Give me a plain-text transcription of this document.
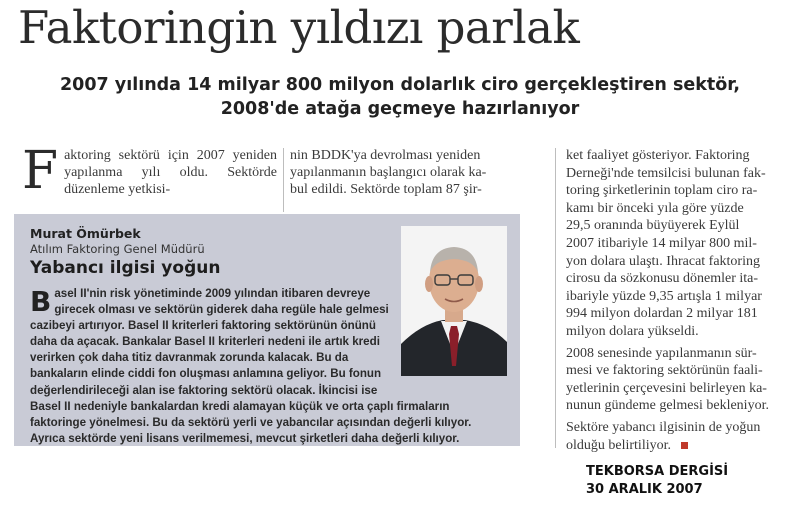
Faktoringin yıldızı parlak
2007 yılında 14 milyar 800 milyon dolarlık ciro gerçekleştiren sektör,
2008'de atağa geçmeye hazırlanıyor
F aktoring sektörü için 2007 yeniden yapılanma yılı oldu. Sektörde düzenleme yetkisi-

nin BDDK'ya devrolması yeniden
yapılanmanın başlangıcı olarak ka-
bul edildi. Sektörde toplam 87 şir-
ket faaliyet gösteriyor. Faktoring
Derneği'nde temsilcisi bulunan fak-
toring şirketlerinin toplam ciro ra-
kamı bir önceki yıla göre yüzde
29,5 oranında büyüyerek Eylül
2007 itibariyle 14 milyar 800 mil-
yon dolara ulaştı. Ihracat faktoring
cirosu da sözkonusu dönemler ita-
ibariyle yüzde 9,35 artışla 1 milyar
994 milyon dolardan 2 milyar 181
milyon dolara yükseldi.
2008 senesinde yapılanmanın sür-
mesi ve faktoring sektörünün faali-
yetlerinin çerçevesini belirleyen ka-
nunun gündeme gelmesi bekleniyor.
Sektöre yabancı ilgisinin de yoğun
olduğu belirtiliyor.
Murat Ömürbek
Atılım Faktoring Genel Müdürü
Yabancı ilgisi yoğun
B asel II'nin risk yönetiminde 2009 yılından itibaren devreye
girecek olması ve sektörün giderek daha regüle hale gelmesi
cazibeyi artırıyor. Basel II kriterleri faktoring sektörünün önünü
daha da açacak. Bankalar Basel II kriterleri nedeni ile artık kredi
verirken çok daha titiz davranmak zorunda kalacak. Bu da
bankaların elinde ciddi fon oluşması anlamına geliyor. Bu fonun
değerlendirileceği alan ise faktoring sektörü olacak. İkincisi ise
Basel II nedeniyle bankalardan kredi alamayan küçük ve orta çaplı firmaların
faktoringe yönelmesi. Bu da sektörü yerli ve yabancılar açısından değerli kılıyor.
Ayrıca sektörde yeni lisans verilmemesi, mevcut şirketleri daha değerli kılıyor.
TEKBORSA DERGİSİ
30 ARALIK 2007
